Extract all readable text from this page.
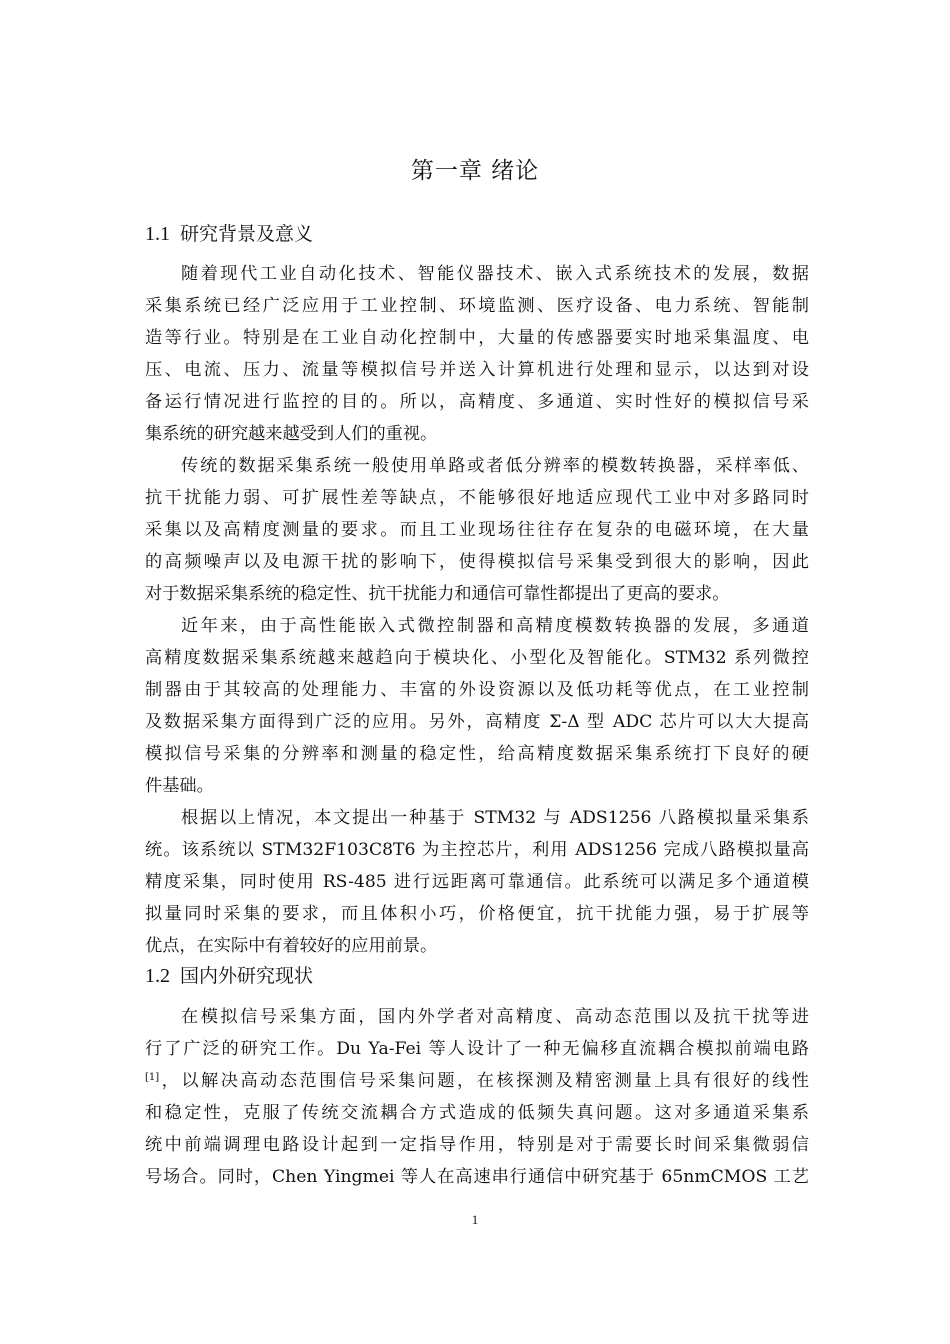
第一章 绪论
1.1 研究背景及意义
随着现代工业自动化技术、智能仪器技术、嵌入式系统技术的发展，数据
采集系统已经广泛应用于工业控制、环境监测、医疗设备、电力系统、智能制
造等行业。特别是在工业自动化控制中，大量的传感器要实时地采集温度、电
压、电流、压力、流量等模拟信号并送入计算机进行处理和显示，以达到对设
备运行情况进行监控的目的。所以，高精度、多通道、实时性好的模拟信号采
集系统的研究越来越受到人们的重视。
传统的数据采集系统一般使用单路或者低分辨率的模数转换器，采样率低、
抗干扰能力弱、可扩展性差等缺点，不能够很好地适应现代工业中对多路同时
采集以及高精度测量的要求。而且工业现场往往存在复杂的电磁环境，在大量
的高频噪声以及电源干扰的影响下，使得模拟信号采集受到很大的影响，因此
对于数据采集系统的稳定性、抗干扰能力和通信可靠性都提出了更高的要求。
近年来，由于高性能嵌入式微控制器和高精度模数转换器的发展，多通道
高精度数据采集系统越来越趋向于模块化、小型化及智能化。STM32 系列微控
制器由于其较高的处理能力、丰富的外设资源以及低功耗等优点，在工业控制
及数据采集方面得到广泛的应用。另外，高精度 Σ-Δ 型 ADC 芯片可以大大提高
模拟信号采集的分辨率和测量的稳定性，给高精度数据采集系统打下良好的硬
件基础。
根据以上情况，本文提出一种基于 STM32 与 ADS1256 八路模拟量采集系
统。该系统以 STM32F103C8T6 为主控芯片，利用 ADS1256 完成八路模拟量高
精度采集，同时使用 RS-485 进行远距离可靠通信。此系统可以满足多个通道模
拟量同时采集的要求，而且体积小巧，价格便宜，抗干扰能力强，易于扩展等
优点，在实际中有着较好的应用前景。
1.2 国内外研究现状
在模拟信号采集方面，国内外学者对高精度、高动态范围以及抗干扰等进
行了广泛的研究工作。Du Ya-Fei 等人设计了一种无偏移直流耦合模拟前端电路
[1]，以解决高动态范围信号采集问题，在核探测及精密测量上具有很好的线性
和稳定性，克服了传统交流耦合方式造成的低频失真问题。这对多通道采集系
统中前端调理电路设计起到一定指导作用，特别是对于需要长时间采集微弱信
号场合。同时，Chen Yingmei 等人在高速串行通信中研究基于 65nmCMOS 工艺
1
